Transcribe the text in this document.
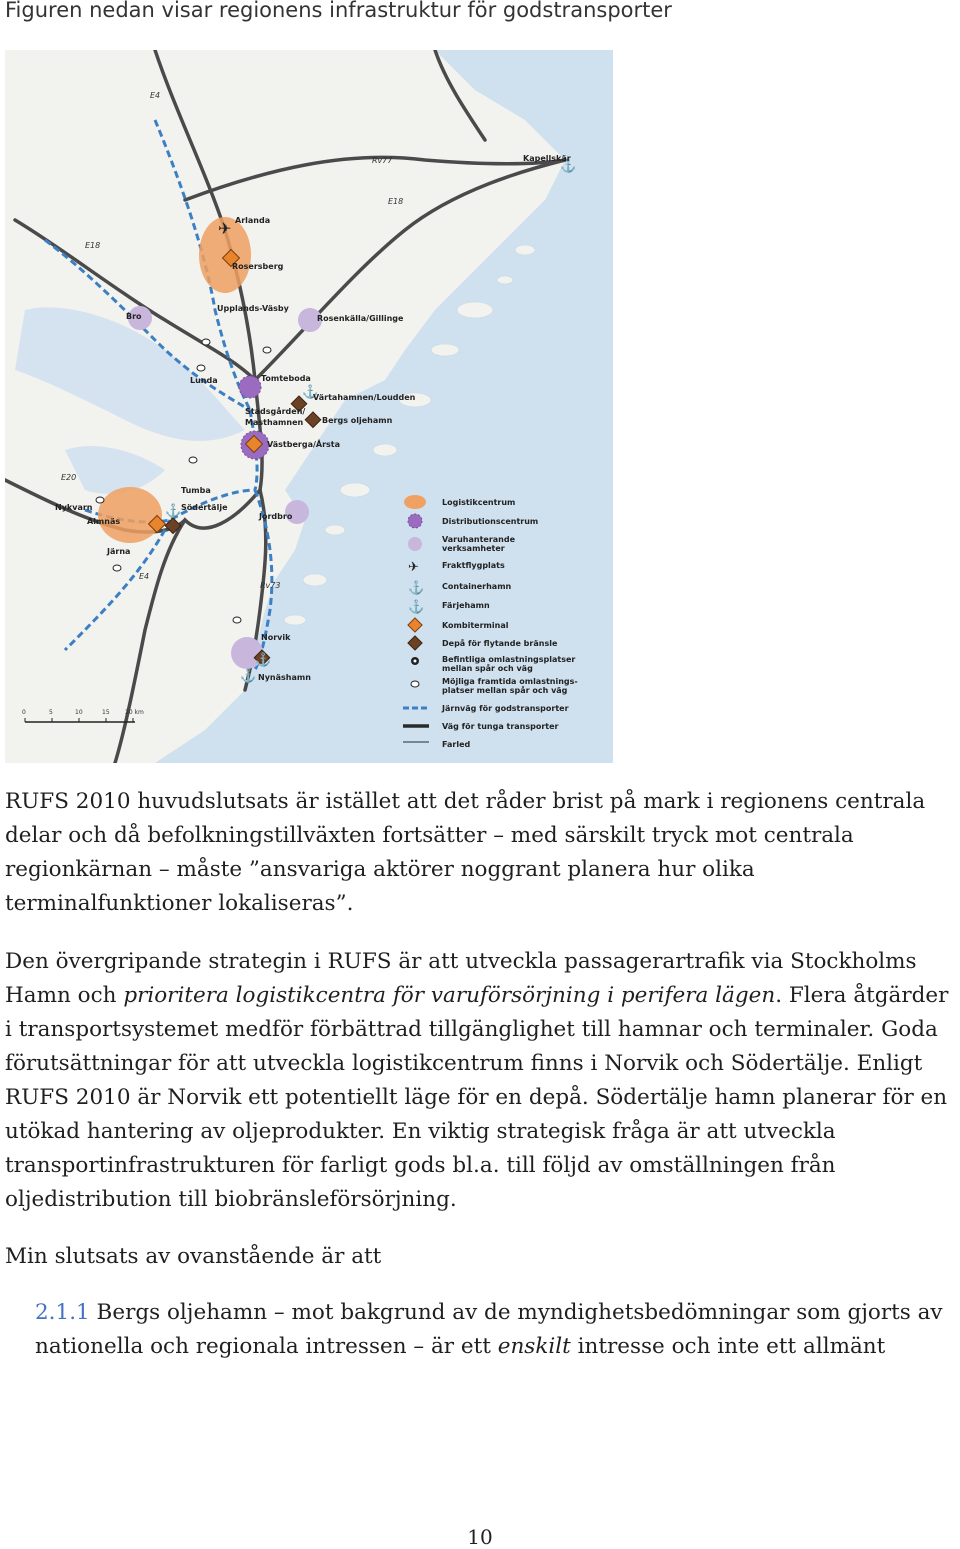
Figuren nedan visar regionens infrastruktur för godstransporter
✈
⚓
⚓
⚓
⚓
⚓
E4
Rv77
E18
E18
E20
E4
Rv73
Kapellskär
Arlanda
Rosersberg
Upplands-Väsby
Bro	Rosenkälla/Gillinge
Lunda	Tomteboda
Värtahamnen/Loudden
Stadsgården/
Masthamnen Bergs oljehamn
Västberga/Årsta
Tumba
Nykvarn
Almnäs
Södertälje
Jordbro
Järna
Norvik
Nynäshamn
0	5	10	15	20 km
Logistikcentrum
Distributionscentrum
Varuhanterande
verksamheter
✈	Fraktflygplats
⚓ Containerhamn
⚓ Färjehamn
Kombiterminal
Depå för flytande bränsle
Befintliga omlastningsplatser
mellan spår och väg
Möjliga framtida omlastnings-
platser mellan spår och väg
Järnväg för godstransporter
Väg för tunga transporter
Farled

RUFS 2010 huvudslutsats är istället att det råder brist på mark i regionens centrala delar och då befolkningstillväxten fortsätter – med särskilt tryck mot centrala regionkärnan – måste ”ansvariga aktörer noggrant planera hur olika terminalfunktioner lokaliseras”.

Den övergripande strategin i RUFS är att utveckla passagerartrafik via Stockholms Hamn och prioritera logistikcentra för varuförsörjning i perifera lägen. Flera åtgärder i transportsystemet medför förbättrad tillgänglighet till hamnar och terminaler. Goda förutsättningar för att utveckla logistikcentrum finns i Norvik och Södertälje. Enligt RUFS 2010 är Norvik ett potentiellt läge för en depå. Södertälje hamn planerar för en utökad hantering av oljeprodukter. En viktig strategisk fråga är att utveckla transportinfrastrukturen för farligt gods bl.a. till följd av omställningen från oljedistribution till biobränsleförsörjning.

Min slutsats av ovanstående är att

2.1.1 Bergs oljehamn – mot bakgrund av de myndighetsbedömningar som gjorts av nationella och regionala intressen – är ett enskilt intresse och inte ett allmänt

10
